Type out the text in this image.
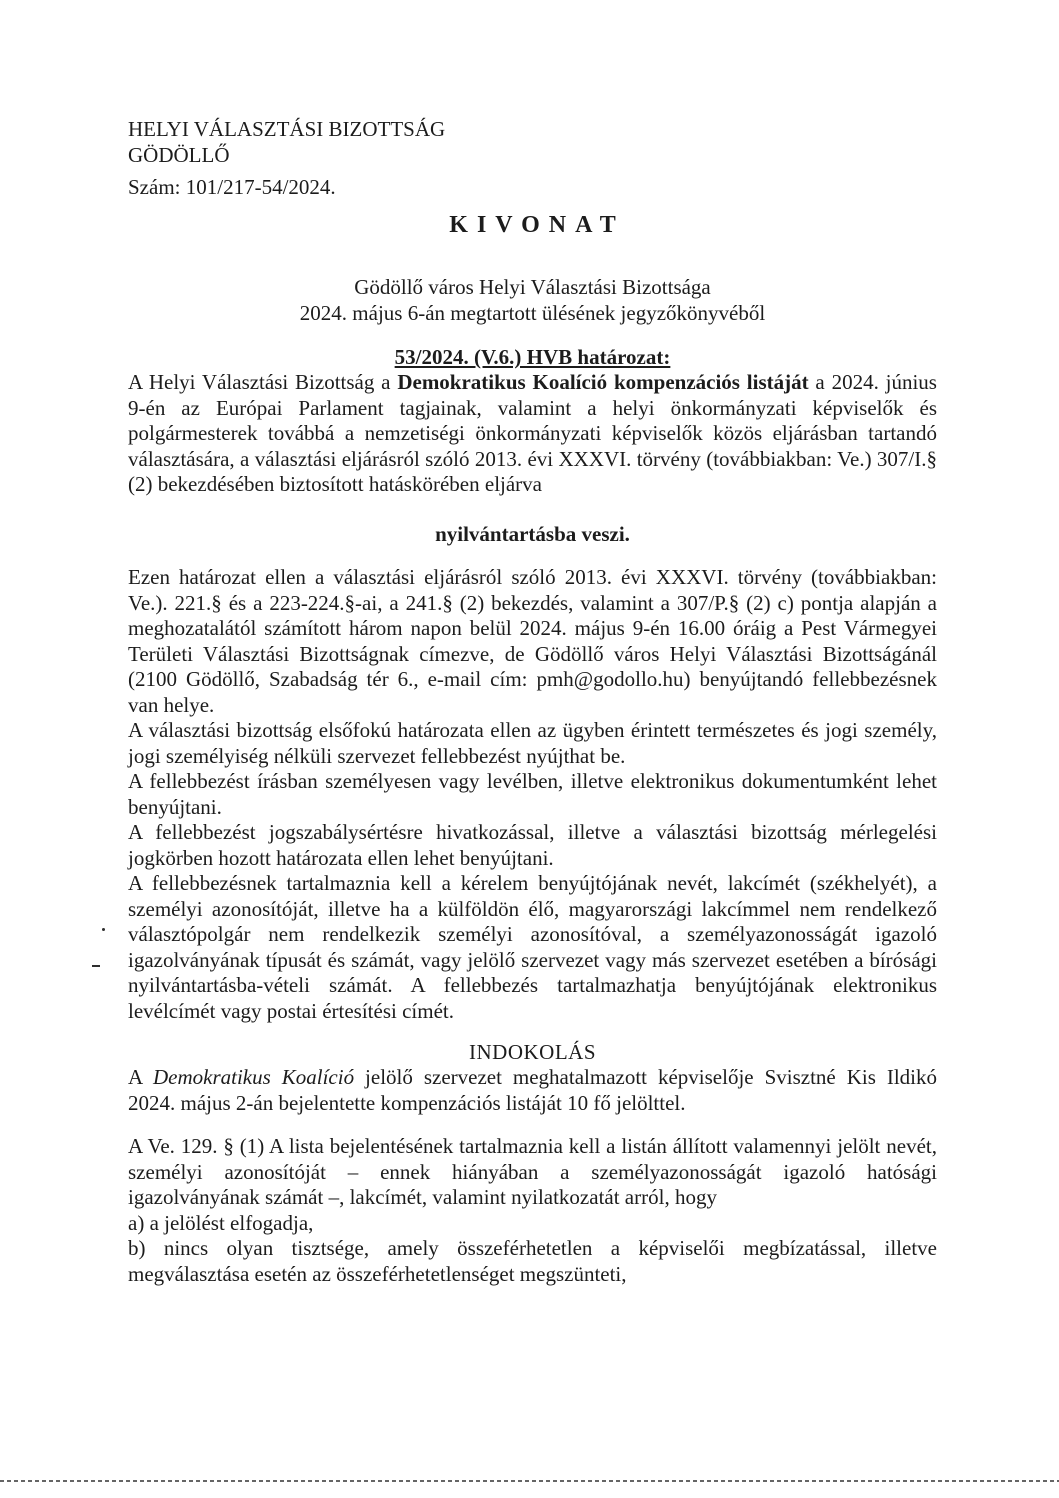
HELYI VÁLASZTÁSI BIZOTTSÁG
GÖDÖLLŐ
Szám: 101/217-54/2024.
KIVONAT
Gödöllő város Helyi Választási Bizottsága
2024. május 6-án megtartott ülésének jegyzőkönyvéből
53/2024. (V.6.) HVB határozat:

A Helyi Választási Bizottság a Demokratikus Koalíció kompenzációs listáját a 2024. június 9-én az Európai Parlament tagjainak, valamint a helyi önkormányzati képviselők és polgármesterek továbbá a nemzetiségi önkormányzati képviselők közös eljárásban tartandó választására, a választási eljárásról szóló 2013. évi XXXVI. törvény (továbbiakban: Ve.) 307/I.§ (2) bekezdésében biztosított hatáskörében eljárva

nyilvántartásba veszi.

Ezen határozat ellen a választási eljárásról szóló 2013. évi XXXVI. törvény (továbbiakban: Ve.). 221.§ és a 223-224.§-ai, a 241.§ (2) bekezdés, valamint a 307/P.§ (2) c) pontja alapján a meghozatalától számított három napon belül 2024. május 9-én 16.00 óráig a Pest Vármegyei Területi Választási Bizottságnak címezve, de Gödöllő város Helyi Választási Bizottságánál (2100 Gödöllő, Szabadság tér 6., e-mail cím: pmh@godollo.hu) benyújtandó fellebbezésnek van helye.

A választási bizottság elsőfokú határozata ellen az ügyben érintett természetes és jogi személy, jogi személyiség nélküli szervezet fellebbezést nyújthat be.

A fellebbezést írásban személyesen vagy levélben, illetve elektronikus dokumentumként lehet benyújtani.

A fellebbezést jogszabálysértésre hivatkozással, illetve a választási bizottság mérlegelési jogkörben hozott határozata ellen lehet benyújtani.

A fellebbezésnek tartalmaznia kell a kérelem benyújtójának nevét, lakcímét (székhelyét), a személyi azonosítóját, illetve ha a külföldön élő, magyarországi lakcímmel nem rendelkező választópolgár nem rendelkezik személyi azonosítóval, a személyazonosságát igazoló igazolványának típusát és számát, vagy jelölő szervezet vagy más szervezet esetében a bírósági nyilvántartásba-vételi számát. A fellebbezés tartalmazhatja benyújtójának elektronikus levélcímét vagy postai értesítési címét.

INDOKOLÁS

A Demokratikus Koalíció jelölő szervezet meghatalmazott képviselője Svisztné Kis Ildikó 2024. május 2-án bejelentette kompenzációs listáját 10 fő jelölttel.

A Ve. 129. § (1) A lista bejelentésének tartalmaznia kell a listán állított valamennyi jelölt nevét, személyi azonosítóját – ennek hiányában a személyazonosságát igazoló hatósági igazolványának számát –, lakcímét, valamint nyilatkozatát arról, hogy

a) a jelölést elfogadja,

b) nincs olyan tisztsége, amely összeférhetetlen a képviselői megbízatással, illetve megválasztása esetén az összeférhetetlenséget megszünteti,
